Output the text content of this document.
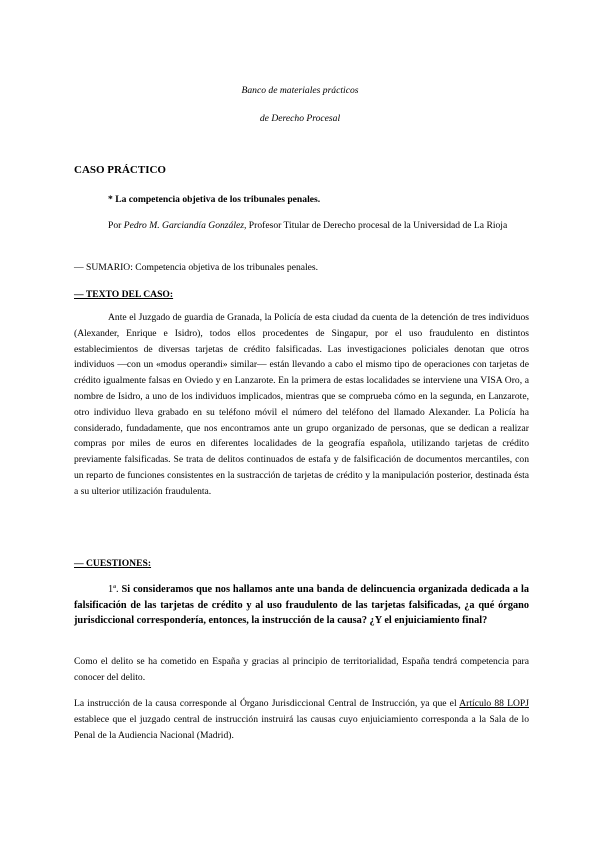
Banco de materiales prácticos

de Derecho Procesal

CASO PRÁCTICO

* La competencia objetiva de los tribunales penales.

Por Pedro M. Garciandía González, Profesor Titular de Derecho procesal de la Universidad de La Rioja

— SUMARIO: Competencia objetiva de los tribunales penales.

— TEXTO DEL CASO:

Ante el Juzgado de guardia de Granada, la Policía de esta ciudad da cuenta de la detención de tres individuos (Alexander, Enrique e Isidro), todos ellos procedentes de Singapur, por el uso fraudulento en distintos establecimientos de diversas tarjetas de crédito falsificadas. Las investigaciones policiales denotan que otros individuos —con un «modus operandi» similar— están llevando a cabo el mismo tipo de operaciones con tarjetas de crédito igualmente falsas en Oviedo y en Lanzarote. En la primera de estas localidades se interviene una VISA Oro, a nombre de Isidro, a uno de los individuos implicados, mientras que se comprueba cómo en la segunda, en Lanzarote, otro individuo lleva grabado en su teléfono móvil el número del teléfono del llamado Alexander. La Policía ha considerado, fundadamente, que nos encontramos ante un grupo organizado de personas, que se dedican a realizar compras por miles de euros en diferentes localidades de la geografía española, utilizando tarjetas de crédito previamente falsificadas. Se trata de delitos continuados de estafa y de falsificación de documentos mercantiles, con un reparto de funciones consistentes en la sustracción de tarjetas de crédito y la manipulación posterior, destinada ésta a su ulterior utilización fraudulenta.

— CUESTIONES:

1ª. Si consideramos que nos hallamos ante una banda de delincuencia organizada dedicada a la falsificación de las tarjetas de crédito y al uso fraudulento de las tarjetas falsificadas, ¿a qué órgano jurisdiccional correspondería, entonces, la instrucción de la causa? ¿Y el enjuiciamiento final?

Como el delito se ha cometido en España y gracias al principio de territorialidad, España tendrá competencia para conocer del delito.

La instrucción de la causa corresponde al Órgano Jurisdiccional Central de Instrucción, ya que el Artículo 88 LOPJ establece que el juzgado central de instrucción instruirá las causas cuyo enjuiciamiento corresponda a la Sala de lo Penal de la Audiencia Nacional (Madrid).
